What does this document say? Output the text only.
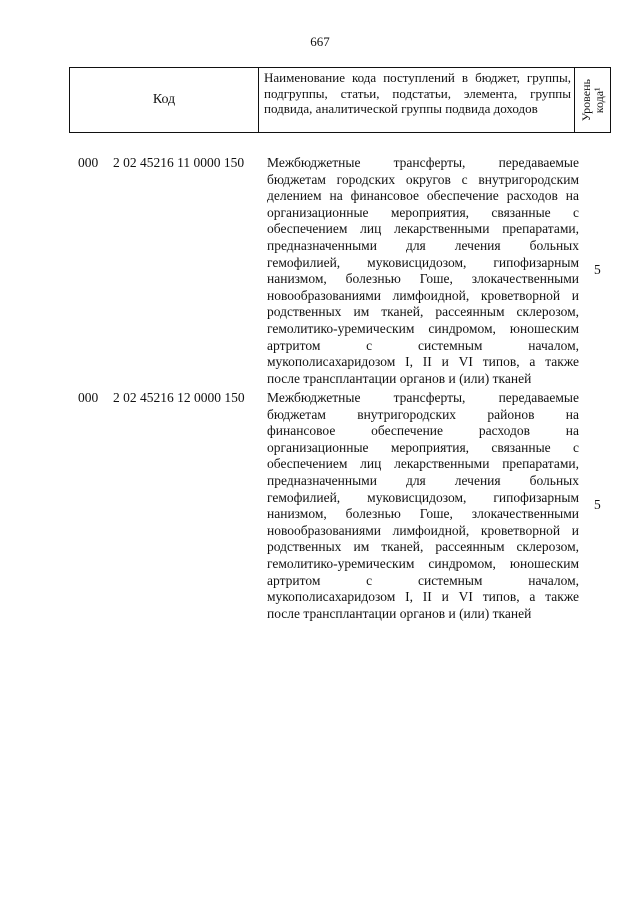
667
Код
Наименование кода поступлений в бюджет, группы, подгруппы, статьи, подстатьи, элемента, группы подвида, аналитической группы подвида доходов	Уровень
кода¹
000 2 02 45216 11 0000 150 Межбюджетные трансферты, передаваемые
бюджетам городских округов с внутригородским
делением на финансовое обеспечение расходов на
организационные мероприятия, связанные с
обеспечением лиц лекарственными препаратами,
предназначенными для лечения больных
гемофилией, муковисцидозом, гипофизарным
нанизмом, болезнью Гоше, злокачественными
новообразованиями лимфоидной, кроветворной и
родственных им тканей, рассеянным склерозом,
гемолитико-уремическим синдромом, юношеским
артритом с системным началом,
мукополисахаридозом I, II и VI типов, а также
после трансплантации органов и (или) тканей
5
000 2 02 45216 12 0000 150 Межбюджетные трансферты, передаваемые
бюджетам внутригородских районов на
финансовое обеспечение расходов на
организационные мероприятия, связанные с
обеспечением лиц лекарственными препаратами,
предназначенными для лечения больных
гемофилией, муковисцидозом, гипофизарным
нанизмом, болезнью Гоше, злокачественными
новообразованиями лимфоидной, кроветворной и
родственных им тканей, рассеянным склерозом,
гемолитико-уремическим синдромом, юношеским
артритом с системным началом,
мукополисахаридозом I, II и VI типов, а также
после трансплантации органов и (или) тканей
5
